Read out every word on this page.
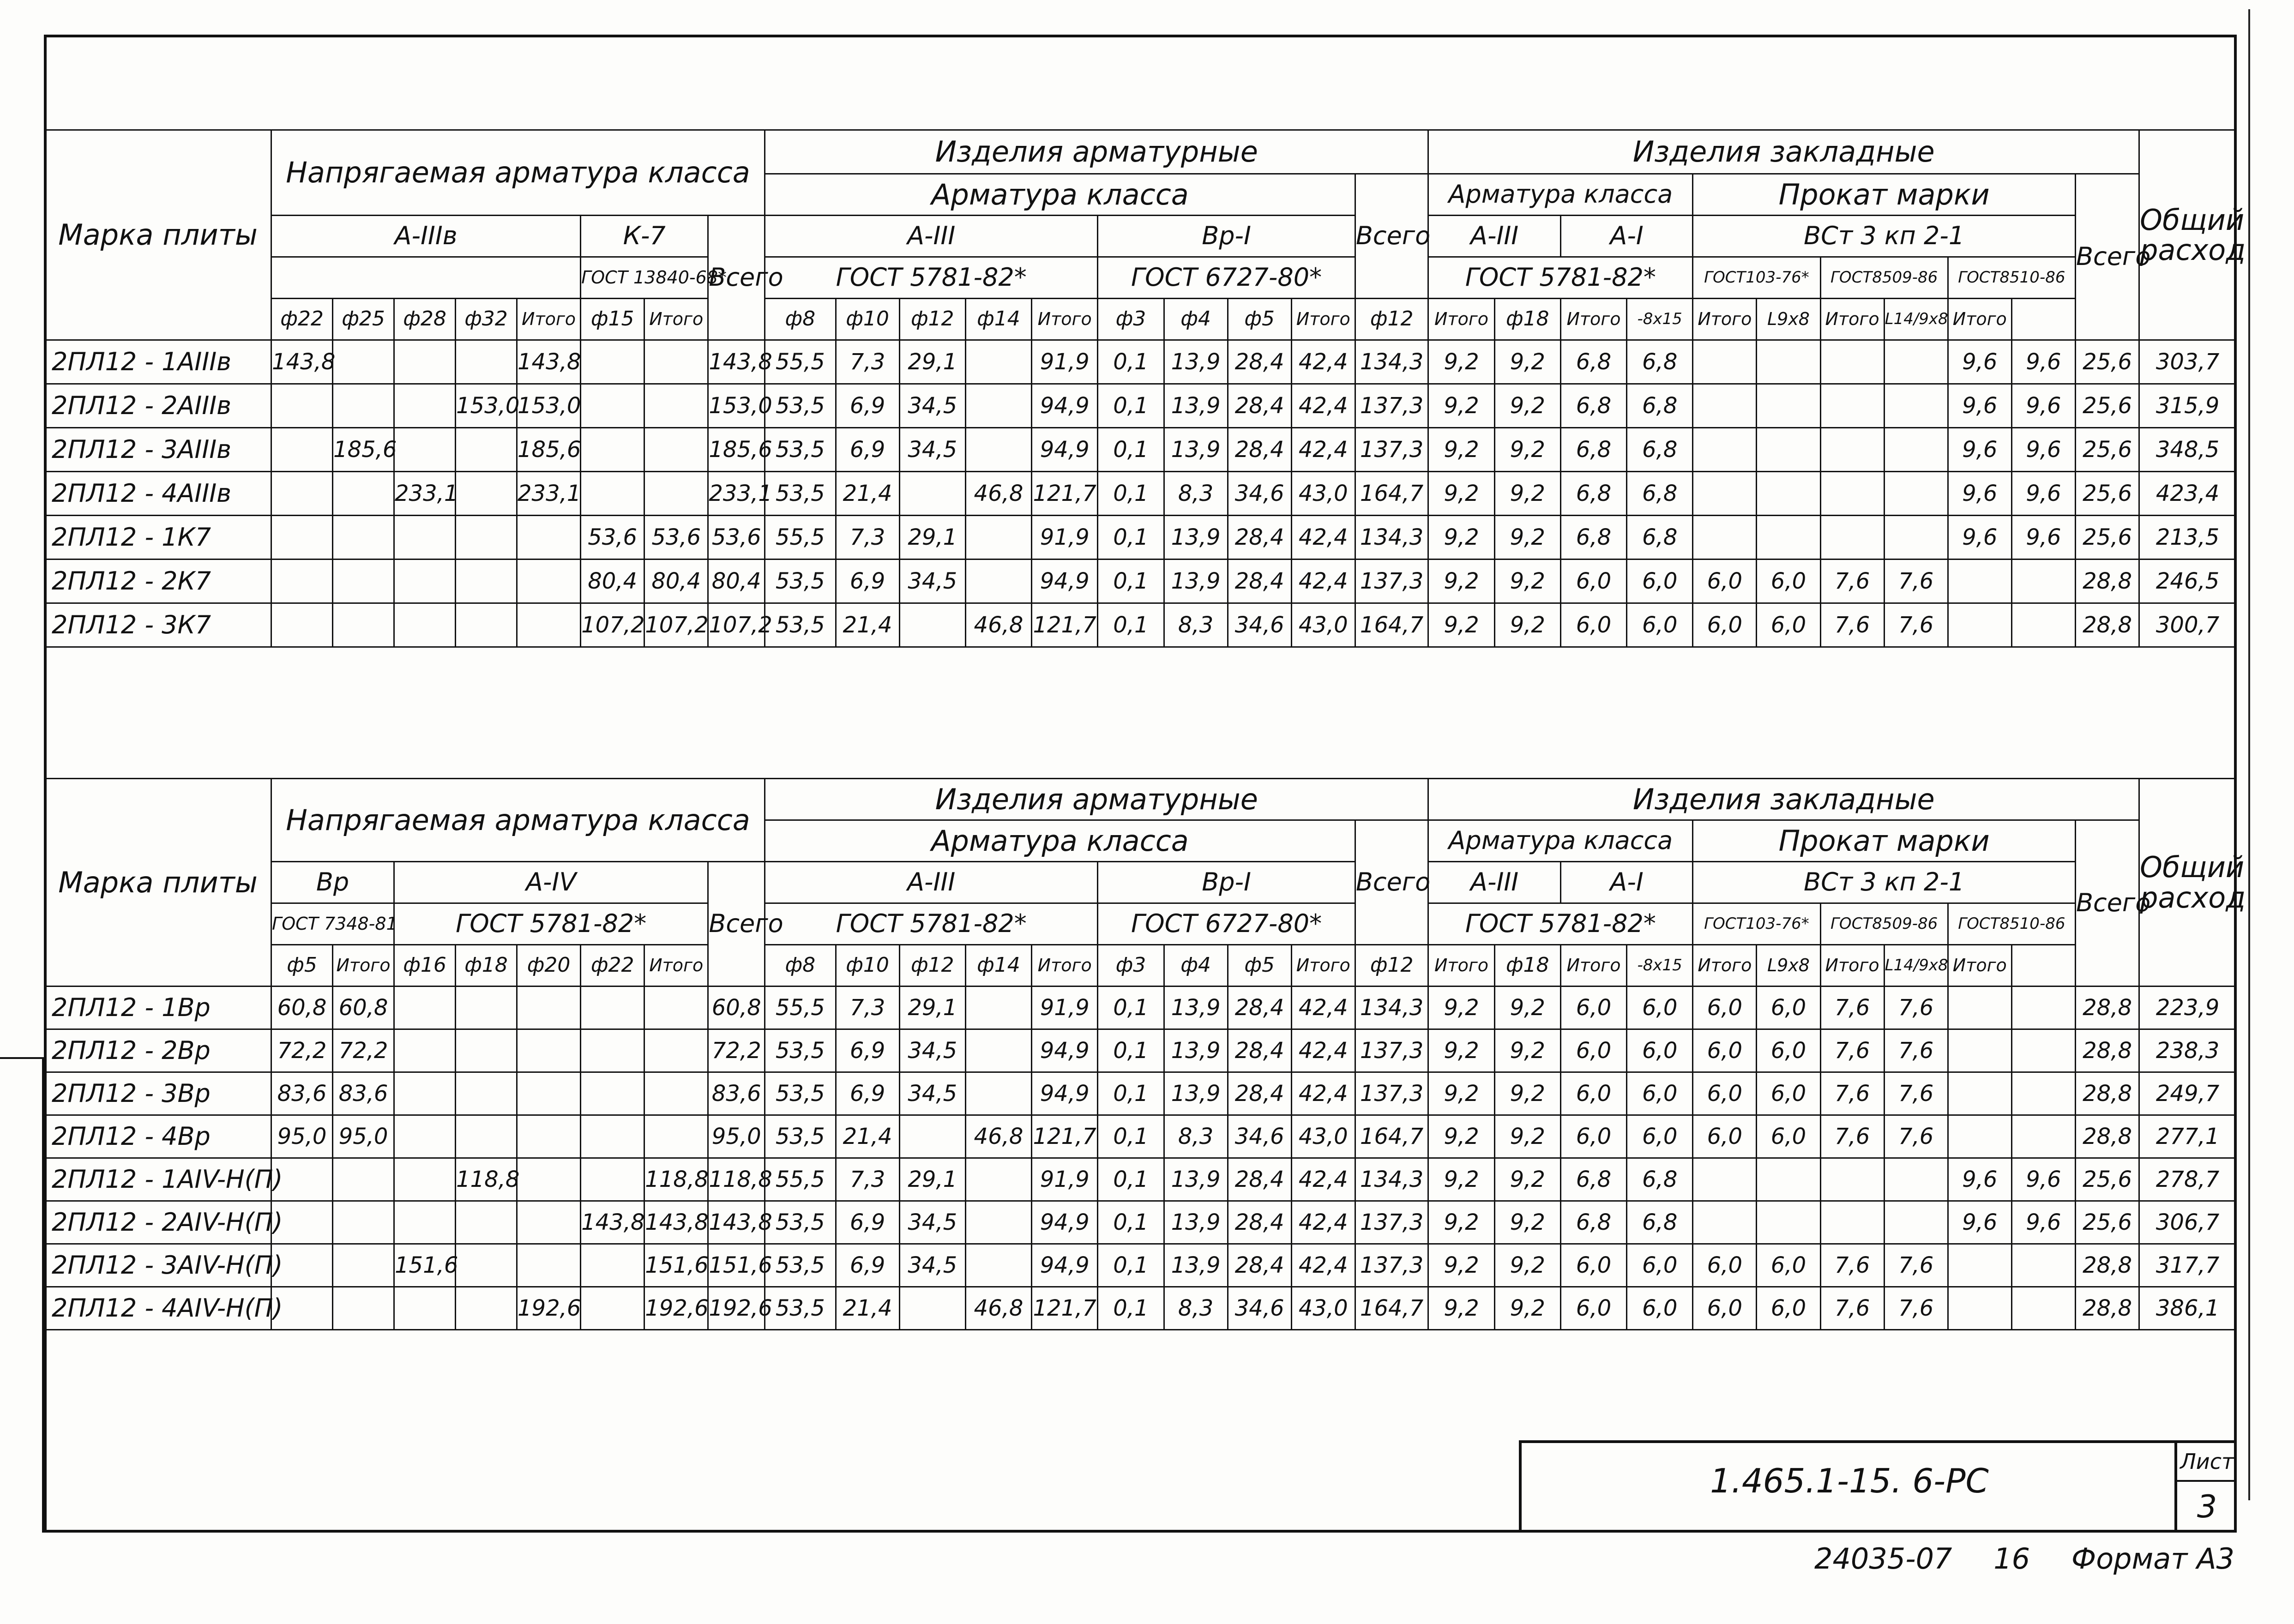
Марка плиты	Напрягаемая арматура класса								Изделия арматурные										Изделия закладные											Общий расход
									Арматура класса									Всего	Арматура класса				Прокат марки						Всего	
	А-IIIв					К-7		Всего	А-III					Вр-I					А-III		А-I		ВСт 3 кп 2-1							
						ГОСТ 13840-68*			ГОСТ 5781-82*					ГОСТ 6727-80*					ГОСТ 5781-82*				ГОСТ103-76*		ГОСТ8509-86		ГОСТ8510-86			
	ф22	ф25	ф28	ф32	Итого	ф15	Итого		ф8	ф10	ф12	ф14	Итого	ф3	ф4	ф5	Итого	ф12	Итого	ф18	Итого	-8х15	Итого	L9х8	Итого	L14/9х8	Итого			
2ПЛ12 - 1АIIIв	143,8				143,8			143,8	55,5	7,3	29,1		91,9	0,1	13,9	28,4	42,4	134,3	9,2	9,2	6,8	6,8					9,6	9,6	25,6	303,7
2ПЛ12 - 2АIIIв				153,0	153,0			153,0	53,5	6,9	34,5		94,9	0,1	13,9	28,4	42,4	137,3	9,2	9,2	6,8	6,8					9,6	9,6	25,6	315,9
2ПЛ12 - 3АIIIв		185,6			185,6			185,6	53,5	6,9	34,5		94,9	0,1	13,9	28,4	42,4	137,3	9,2	9,2	6,8	6,8					9,6	9,6	25,6	348,5
2ПЛ12 - 4АIIIв			233,1		233,1			233,1	53,5	21,4		46,8	121,7	0,1	8,3	34,6	43,0	164,7	9,2	9,2	6,8	6,8					9,6	9,6	25,6	423,4
2ПЛ12 - 1К7						53,6	53,6	53,6	55,5	7,3	29,1		91,9	0,1	13,9	28,4	42,4	134,3	9,2	9,2	6,8	6,8					9,6	9,6	25,6	213,5
2ПЛ12 - 2К7						80,4	80,4	80,4	53,5	6,9	34,5		94,9	0,1	13,9	28,4	42,4	137,3	9,2	9,2	6,0	6,0	6,0	6,0	7,6	7,6			28,8	246,5
2ПЛ12 - 3К7						107,2	107,2	107,2	53,5	21,4		46,8	121,7	0,1	8,3	34,6	43,0	164,7	9,2	9,2	6,0	6,0	6,0	6,0	7,6	7,6			28,8	300,7
Марка плиты	Напрягаемая арматура класса								Изделия арматурные										Изделия закладные											Общий расход
									Арматура класса									Всего	Арматура класса				Прокат марки						Всего	
	Вр		А-IV					Всего	А-III					Вр-I					А-III		А-I		ВСт 3 кп 2-1							
	ГОСТ 7348-81		ГОСТ 5781-82*						ГОСТ 5781-82*					ГОСТ 6727-80*					ГОСТ 5781-82*				ГОСТ103-76*		ГОСТ8509-86		ГОСТ8510-86			
	ф5	Итого	ф16	ф18	ф20	ф22	Итого		ф8	ф10	ф12	ф14	Итого	ф3	ф4	ф5	Итого	ф12	Итого	ф18	Итого	-8х15	Итого	L9х8	Итого	L14/9х8	Итого			
2ПЛ12 - 1Вр	60,8	60,8						60,8	55,5	7,3	29,1		91,9	0,1	13,9	28,4	42,4	134,3	9,2	9,2	6,0	6,0	6,0	6,0	7,6	7,6			28,8	223,9
2ПЛ12 - 2Вр	72,2	72,2						72,2	53,5	6,9	34,5		94,9	0,1	13,9	28,4	42,4	137,3	9,2	9,2	6,0	6,0	6,0	6,0	7,6	7,6			28,8	238,3
2ПЛ12 - 3Вр	83,6	83,6						83,6	53,5	6,9	34,5		94,9	0,1	13,9	28,4	42,4	137,3	9,2	9,2	6,0	6,0	6,0	6,0	7,6	7,6			28,8	249,7
2ПЛ12 - 4Вр	95,0	95,0						95,0	53,5	21,4		46,8	121,7	0,1	8,3	34,6	43,0	164,7	9,2	9,2	6,0	6,0	6,0	6,0	7,6	7,6			28,8	277,1
2ПЛ12 - 1АIV-Н(П)				118,8			118,8	118,8	55,5	7,3	29,1		91,9	0,1	13,9	28,4	42,4	134,3	9,2	9,2	6,8	6,8					9,6	9,6	25,6	278,7
2ПЛ12 - 2АIV-Н(П)						143,8	143,8	143,8	53,5	6,9	34,5		94,9	0,1	13,9	28,4	42,4	137,3	9,2	9,2	6,8	6,8					9,6	9,6	25,6	306,7
2ПЛ12 - 3АIV-Н(П)			151,6				151,6	151,6	53,5	6,9	34,5		94,9	0,1	13,9	28,4	42,4	137,3	9,2	9,2	6,0	6,0	6,0	6,0	7,6	7,6			28,8	317,7
2ПЛ12 - 4АIV-Н(П)					192,6		192,6	192,6	53,5	21,4		46,8	121,7	0,1	8,3	34,6	43,0	164,7	9,2	9,2	6,0	6,0	6,0	6,0	7,6	7,6			28,8	386,1
1.465.1-15. 6-РС	Лист
3
24035-07 16 Формат А3
